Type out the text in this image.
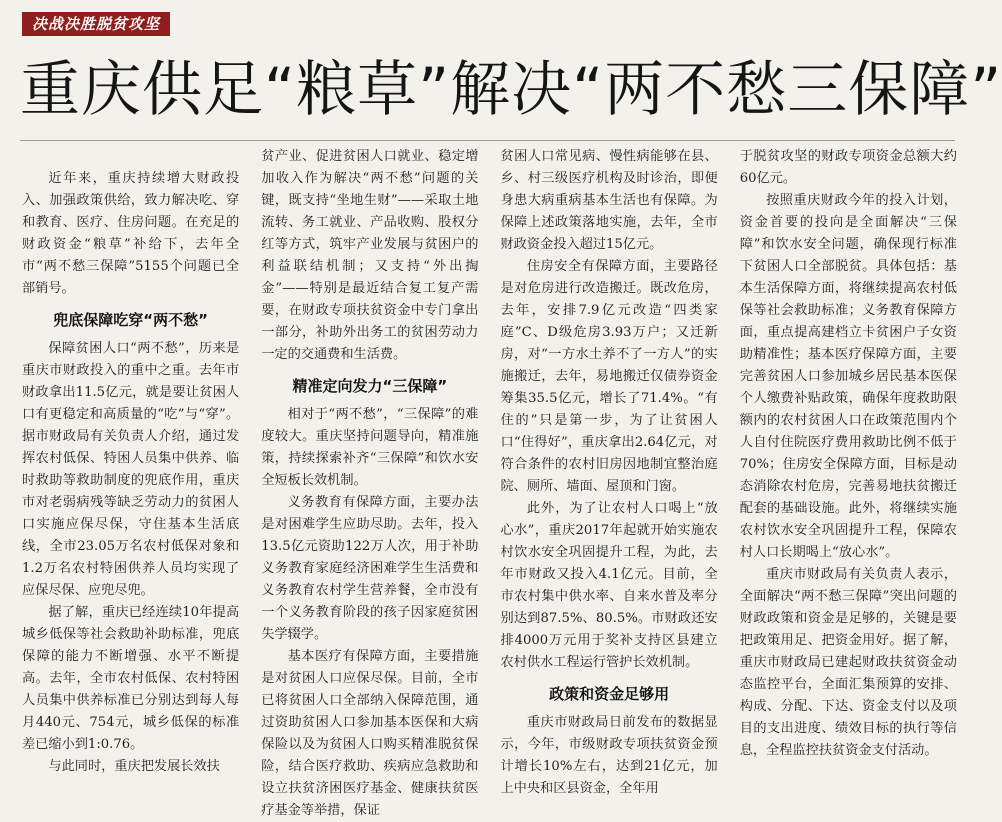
决战决胜脱贫攻坚
重庆供足“粮草”解决“两不愁三保障”

近年来，重庆持续增大财政投入、加强政策供给，致力解决吃、穿和教育、医疗、住房问题。在充足的财政资金“粮草”补给下，去年全市“两不愁三保障”5155个问题已全部销号。

兜底保障吃穿“两不愁”

保障贫困人口“两不愁”，历来是重庆市财政投入的重中之重。去年市财政拿出11.5亿元，就是要让贫困人口有更稳定和高质量的“吃”与“穿”。据市财政局有关负责人介绍，通过发挥农村低保、特困人员集中供养、临时救助等救助制度的兜底作用，重庆市对老弱病残等缺乏劳动力的贫困人口实施应保尽保，守住基本生活底线，全市23.05万名农村低保对象和1.2万名农村特困供养人员均实现了应保尽保、应兜尽兜。

据了解，重庆已经连续10年提高城乡低保等社会救助补助标准，兜底保障的能力不断增强、水平不断提高。去年，全市农村低保、农村特困人员集中供养标准已分别达到每人每月440元、754元，城乡低保的标准差已缩小到1:0.76。

与此同时，重庆把发展长效扶

贫产业、促进贫困人口就业、稳定增加收入作为解决“两不愁”问题的关键，既支持“坐地生财”——采取土地流转、务工就业、产品收购、股权分红等方式，筑牢产业发展与贫困户的利益联结机制；又支持“外出掏金”——特别是最近结合复工复产需要，在财政专项扶贫资金中专门拿出一部分，补助外出务工的贫困劳动力一定的交通费和生活费。

精准定向发力“三保障”

相对于“两不愁”，“三保障”的难度较大。重庆坚持问题导向，精准施策，持续探索补齐“三保障”和饮水安全短板长效机制。

义务教育有保障方面，主要办法是对困难学生应助尽助。去年，投入13.5亿元资助122万人次，用于补助义务教育家庭经济困难学生生活费和义务教育农村学生营养餐，全市没有一个义务教育阶段的孩子因家庭贫困失学辍学。

基本医疗有保障方面，主要措施是对贫困人口应保尽保。目前，全市已将贫困人口全部纳入保障范围，通过资助贫困人口参加基本医保和大病保险以及为贫困人口购买精准脱贫保险，结合医疗救助、疾病应急救助和设立扶贫济困医疗基金、健康扶贫医疗基金等举措，保证

贫困人口常见病、慢性病能够在县、乡、村三级医疗机构及时诊治，即便身患大病重病基本生活也有保障。为保障上述政策落地实施，去年，全市财政资金投入超过15亿元。

住房安全有保障方面，主要路径是对危房进行改造搬迁。既改危房，去年，安排7.9亿元改造“四类家庭”C、D级危房3.93万户；又迁新房，对“一方水土养不了一方人”的实施搬迁，去年，易地搬迁仅债券资金筹集35.5亿元，增长了71.4%。“有住的”只是第一步，为了让贫困人口“住得好”，重庆拿出2.64亿元，对符合条件的农村旧房因地制宜整治庭院、厕所、墙面、屋顶和门窗。

此外，为了让农村人口喝上“放心水”，重庆2017年起就开始实施农村饮水安全巩固提升工程，为此，去年市财政又投入4.1亿元。目前，全市农村集中供水率、自来水普及率分别达到87.5%、80.5%。市财政还安排4000万元用于奖补支持区县建立农村供水工程运行管护长效机制。

政策和资金足够用

重庆市财政局日前发布的数据显示，今年，市级财政专项扶贫资金预计增长10%左右，达到21亿元，加上中央和区县资金，全年用

于脱贫攻坚的财政专项资金总额大约60亿元。

按照重庆财政今年的投入计划，资金首要的投向是全面解决“三保障”和饮水安全问题，确保现行标准下贫困人口全部脱贫。具体包括：基本生活保障方面，将继续提高农村低保等社会救助标准；义务教育保障方面，重点提高建档立卡贫困户子女资助精准性；基本医疗保障方面，主要完善贫困人口参加城乡居民基本医保个人缴费补贴政策，确保年度救助限额内的农村贫困人口在政策范围内个人自付住院医疗费用救助比例不低于70%；住房安全保障方面，目标是动态消除农村危房，完善易地扶贫搬迁配套的基础设施。此外，将继续实施农村饮水安全巩固提升工程，保障农村人口长期喝上“放心水”。

重庆市财政局有关负责人表示，全面解决“两不愁三保障”突出问题的财政政策和资金是足够的，关键是要把政策用足、把资金用好。据了解，重庆市财政局已建起财政扶贫资金动态监控平台，全面汇集预算的安排、构成、分配、下达、资金支付以及项目的支出进度、绩效目标的执行等信息，全程监控扶贫资金支付活动。
